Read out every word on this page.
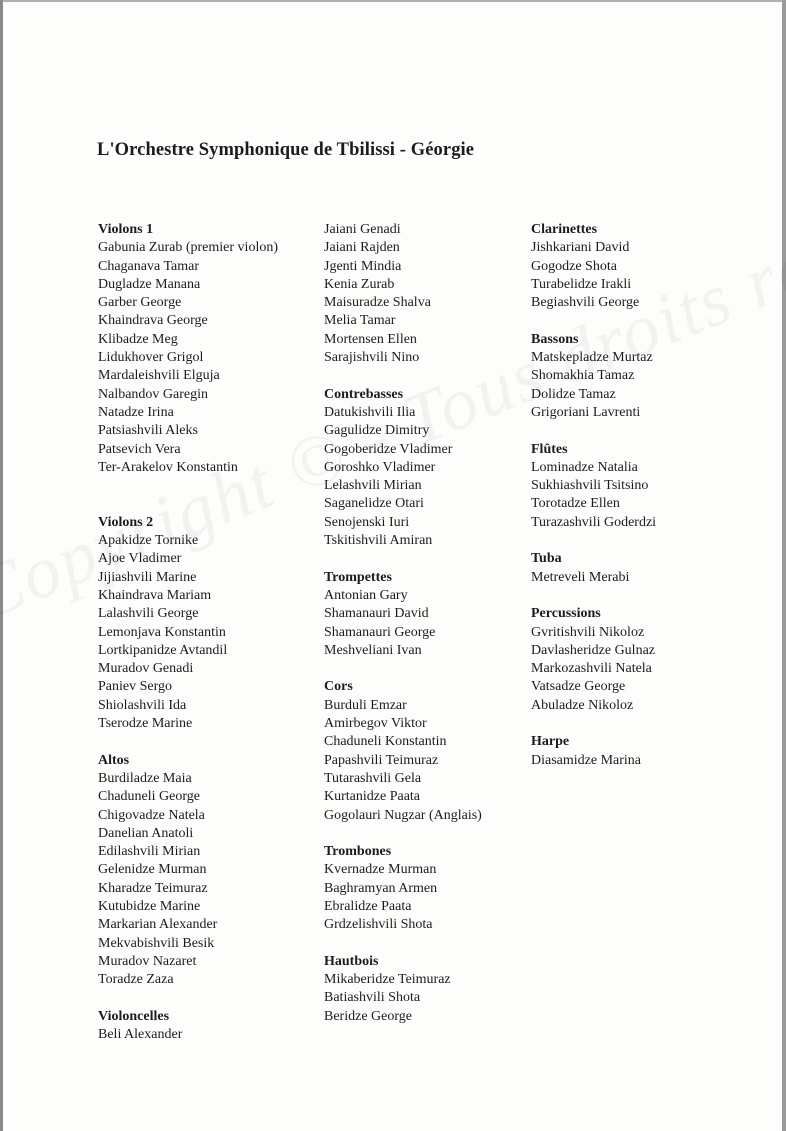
L'Orchestre Symphonique de Tbilissi - Géorgie
Violons 1
Gabunia Zurab (premier violon)
Chaganava Tamar
Dugladze Manana
Garber George
Khaindrava George
Klibadze Meg
Lidukhover Grigol
Mardaleishvili Elguja
Nalbandov Garegin
Natadze Irina
Patsiashvili Aleks
Patsevich Vera
Ter-Arakelov Konstantin
Violons 2
Apakidze Tornike
Ajoe Vladimer
Jijiashvili Marine
Khaindrava Mariam
Lalashvili George
Lemonjava Konstantin
Lortkipanidze Avtandil
Muradov Genadi
Paniev Sergo
Shiolashvili Ida
Tserodze Marine
Altos
Burdiladze Maia
Chaduneli George
Chigovadze Natela
Danelian Anatoli
Edilashvili Mirian
Gelenidze Murman
Kharadze Teimuraz
Kutubidze Marine
Markarian Alexander
Mekvabishvili Besik
Muradov Nazaret
Toradze Zaza
Violoncelles
Beli Alexander
Jaiani Genadi
Jaiani Rajden
Jgenti Mindia
Kenia Zurab
Maisuradze Shalva
Melia Tamar
Mortensen Ellen
Sarajishvili Nino
Contrebasses
Datukishvili Ilia
Gagulidze Dimitry
Gogoberidze Vladimer
Goroshko Vladimer
Lelashvili Mirian
Saganelidze Otari
Senojenski Iuri
Tskitishvili Amiran
Trompettes
Antonian Gary
Shamanauri David
Shamanauri George
Meshveliani Ivan
Cors
Burduli Emzar
Amirbegov Viktor
Chaduneli Konstantin
Papashvili Teimuraz
Tutarashvili Gela
Kurtanidze Paata
Gogolauri Nugzar (Anglais)
Trombones
Kvernadze Murman
Baghramyan Armen
Ebralidze Paata
Grdzelishvili Shota
Hautbois
Mikaberidze Teimuraz
Batiashvili Shota
Beridze George
Clarinettes
Jishkariani David
Gogodze Shota
Turabelidze Irakli
Begiashvili George
Bassons
Matskepladze Murtaz
Shomakhia Tamaz
Dolidze Tamaz
Grigoriani Lavrenti
Flûtes
Lominadze Natalia
Sukhiashvili Tsitsino
Torotadze Ellen
Turazashvili Goderdzi
Tuba
Metreveli Merabi
Percussions
Gvritishvili Nikoloz
Davlasheridze Gulnaz
Markozashvili Natela
Vatsadze George
Abuladze Nikoloz
Harpe
Diasamidze Marina
